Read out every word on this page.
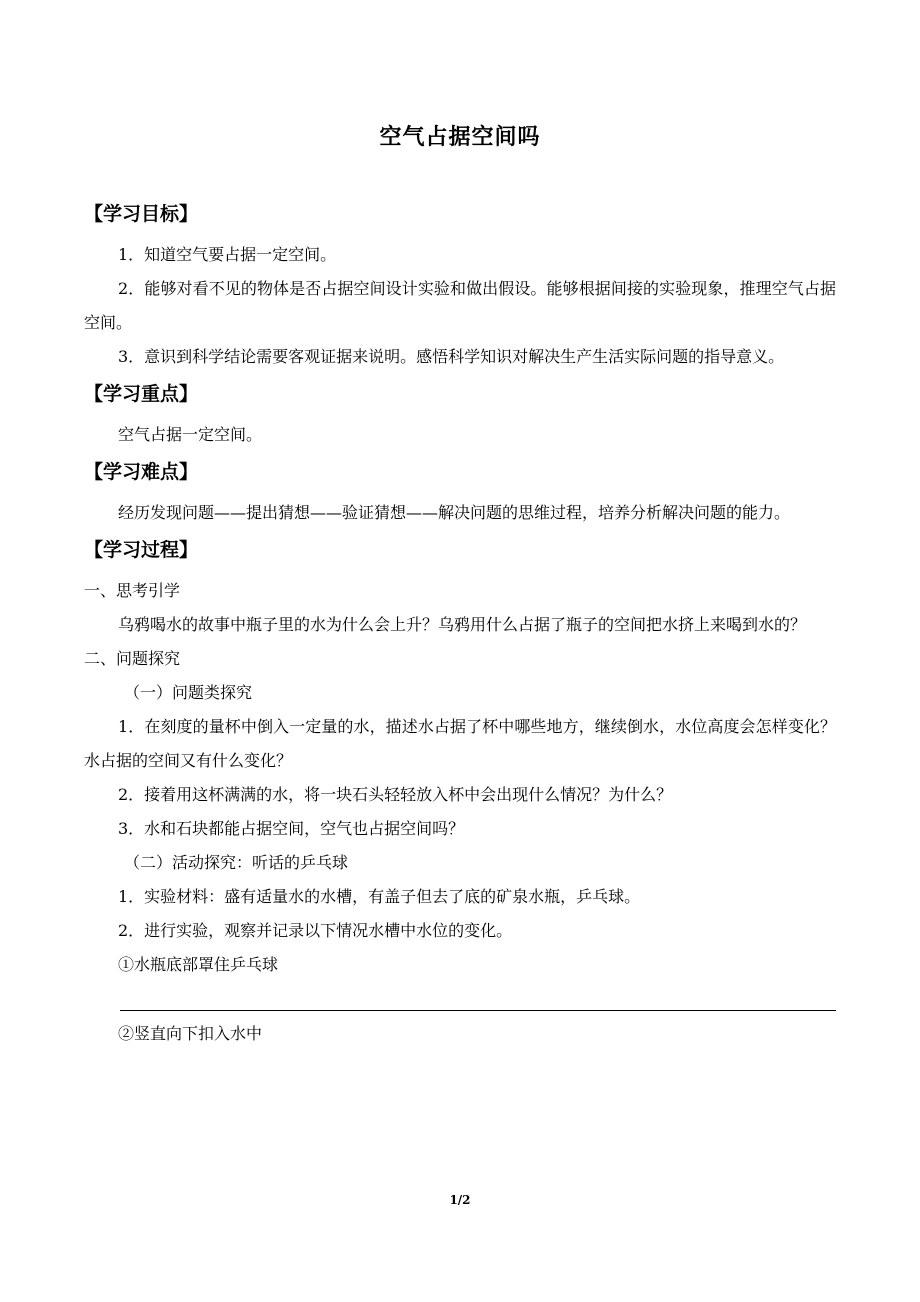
空气占据空间吗
【学习目标】

1．知道空气要占据一定空间。

2．能够对看不见的物体是否占据空间设计实验和做出假设。能够根据间接的实验现象，推理空气占据空间。

3．意识到科学结论需要客观证据来说明。感悟科学知识对解决生产生活实际问题的指导意义。

【学习重点】

空气占据一定空间。

【学习难点】

经历发现问题——提出猜想——验证猜想——解决问题的思维过程，培养分析解决问题的能力。

【学习过程】

一、思考引学

乌鸦喝水的故事中瓶子里的水为什么会上升？乌鸦用什么占据了瓶子的空间把水挤上来喝到水的？

二、问题探究

（一）问题类探究

1．在刻度的量杯中倒入一定量的水，描述水占据了杯中哪些地方，继续倒水，水位高度会怎样变化？水占据的空间又有什么变化？

2．接着用这杯满满的水，将一块石头轻轻放入杯中会出现什么情况？为什么？

3．水和石块都能占据空间，空气也占据空间吗？

（二）活动探究：听话的乒乓球

1．实验材料：盛有适量水的水槽，有盖子但去了底的矿泉水瓶，乒乓球。

2．进行实验，观察并记录以下情况水槽中水位的变化。

①水瓶底部罩住乒乓球

②竖直向下扣入水中

1/2
